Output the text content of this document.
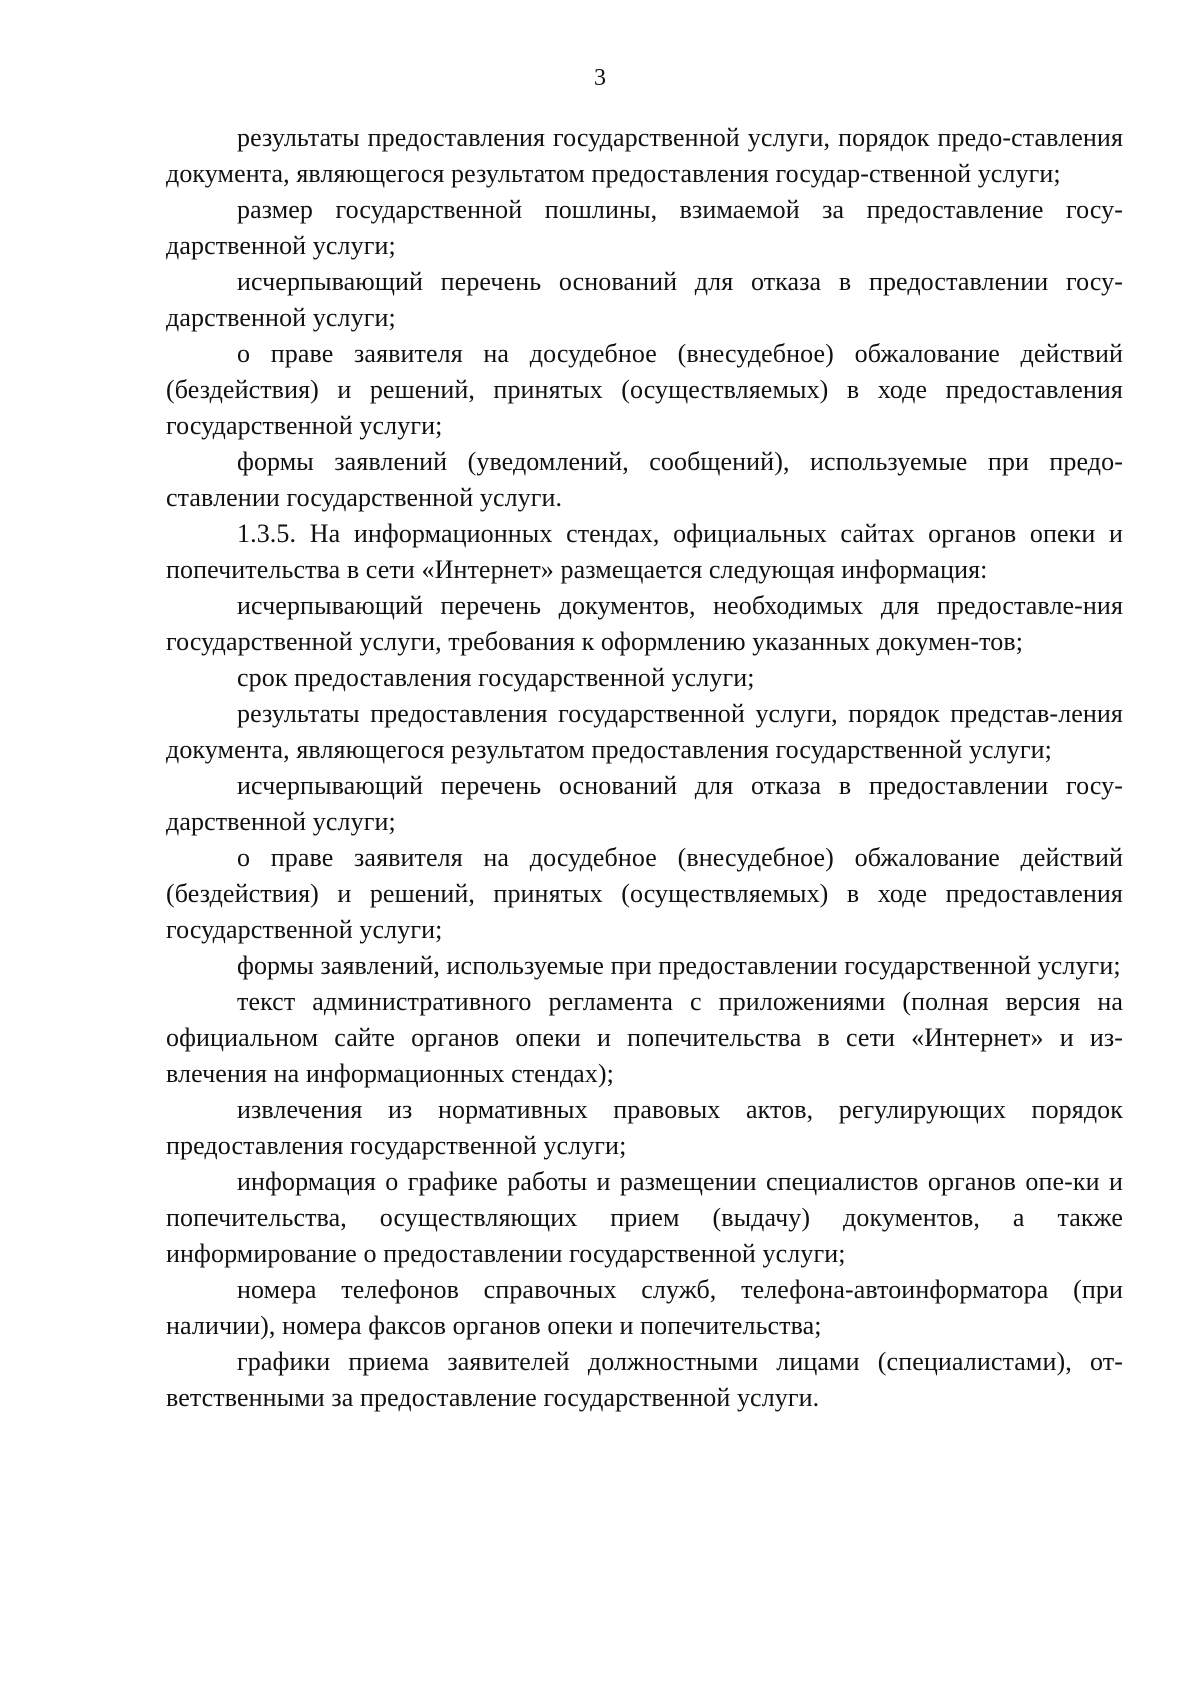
3

результаты предоставления государственной услуги, порядок предо-ставления документа, являющегося результатом предоставления государ-ственной услуги;

размер государственной пошлины, взимаемой за предоставление госу-дарственной услуги;

исчерпывающий перечень оснований для отказа в предоставлении госу-дарственной услуги;

о праве заявителя на досудебное (внесудебное) обжалование действий (бездействия) и решений, принятых (осуществляемых) в ходе предоставления государственной услуги;

формы заявлений (уведомлений, сообщений), используемые при предо-ставлении государственной услуги.

1.3.5. На информационных стендах, официальных сайтах органов опеки и попечительства в сети «Интернет» размещается следующая информация:

исчерпывающий перечень документов, необходимых для предоставле-ния государственной услуги, требования к оформлению указанных докумен-тов;

срок предоставления государственной услуги;

результаты предоставления государственной услуги, порядок представ-ления документа, являющегося результатом предоставления государственной услуги;

исчерпывающий перечень оснований для отказа в предоставлении госу-дарственной услуги;

о праве заявителя на досудебное (внесудебное) обжалование действий (бездействия) и решений, принятых (осуществляемых) в ходе предоставления государственной услуги;

формы заявлений, используемые при предоставлении государственной услуги;

текст административного регламента с приложениями (полная версия на официальном сайте органов опеки и попечительства в сети «Интернет» и из-влечения на информационных стендах);

извлечения из нормативных правовых актов, регулирующих порядок предоставления государственной услуги;

информация о графике работы и размещении специалистов органов опе-ки и попечительства, осуществляющих прием (выдачу) документов, а также информирование о предоставлении государственной услуги;

номера телефонов справочных служб, телефона-автоинформатора (при наличии), номера факсов органов опеки и попечительства;

графики приема заявителей должностными лицами (специалистами), от-ветственными за предоставление государственной услуги.
